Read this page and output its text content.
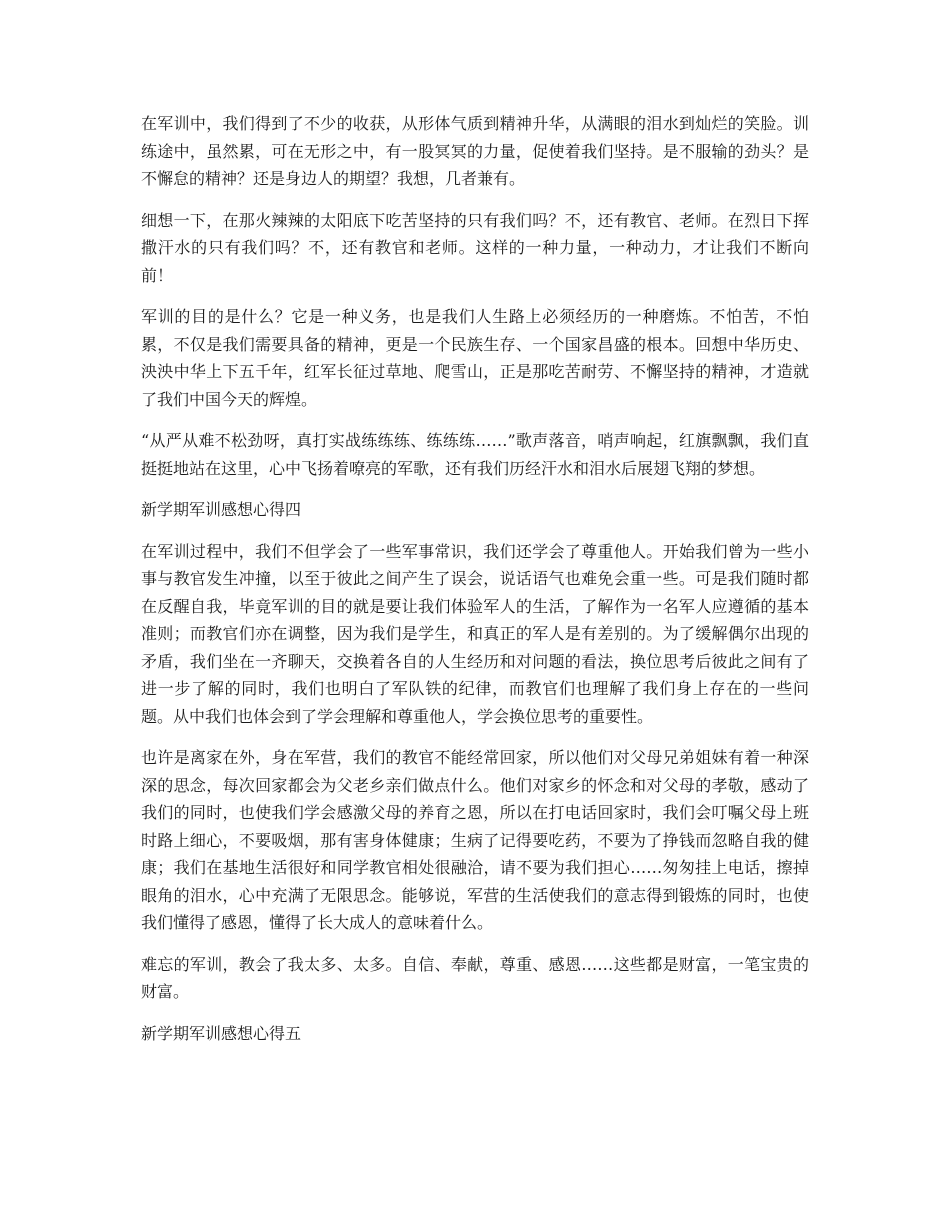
在军训中，我们得到了不少的收获，从形体气质到精神升华，从满眼的泪水到灿烂的笑脸。训练途中，虽然累，可在无形之中，有一股冥冥的力量，促使着我们坚持。是不服输的劲头？是不懈怠的精神？还是身边人的期望？我想，几者兼有。

细想一下，在那火辣辣的太阳底下吃苦坚持的只有我们吗？不，还有教官、老师。在烈日下挥撒汗水的只有我们吗？不，还有教官和老师。这样的一种力量，一种动力，才让我们不断向前！

军训的目的是什么？它是一种义务，也是我们人生路上必须经历的一种磨炼。不怕苦，不怕累，不仅是我们需要具备的精神，更是一个民族生存、一个国家昌盛的根本。回想中华历史、泱泱中华上下五千年，红军长征过草地、爬雪山，正是那吃苦耐劳、不懈坚持的精神，才造就了我们中国今天的辉煌。

“从严从难不松劲呀，真打实战练练练、练练练……”歌声落音，哨声响起，红旗飘飘，我们直挺挺地站在这里，心中飞扬着嘹亮的军歌，还有我们历经汗水和泪水后展翅飞翔的梦想。

新学期军训感想心得四

在军训过程中，我们不但学会了一些军事常识，我们还学会了尊重他人。开始我们曾为一些小事与教官发生冲撞，以至于彼此之间产生了误会，说话语气也难免会重一些。可是我们随时都在反醒自我，毕竟军训的目的就是要让我们体验军人的生活，了解作为一名军人应遵循的基本准则；而教官们亦在调整，因为我们是学生，和真正的军人是有差别的。为了缓解偶尔出现的矛盾，我们坐在一齐聊天，交换着各自的人生经历和对问题的看法，换位思考后彼此之间有了进一步了解的同时，我们也明白了军队铁的纪律，而教官们也理解了我们身上存在的一些问题。从中我们也体会到了学会理解和尊重他人，学会换位思考的重要性。

也许是离家在外，身在军营，我们的教官不能经常回家，所以他们对父母兄弟姐妹有着一种深深的思念，每次回家都会为父老乡亲们做点什么。他们对家乡的怀念和对父母的孝敬，感动了我们的同时，也使我们学会感激父母的养育之恩，所以在打电话回家时，我们会叮嘱父母上班时路上细心，不要吸烟，那有害身体健康；生病了记得要吃药，不要为了挣钱而忽略自我的健康；我们在基地生活很好和同学教官相处很融洽，请不要为我们担心……匆匆挂上电话，擦掉眼角的泪水，心中充满了无限思念。能够说，军营的生活使我们的意志得到锻炼的同时，也使我们懂得了感恩，懂得了长大成人的意味着什么。

难忘的军训，教会了我太多、太多。自信、奉献，尊重、感恩……这些都是财富，一笔宝贵的财富。

新学期军训感想心得五
